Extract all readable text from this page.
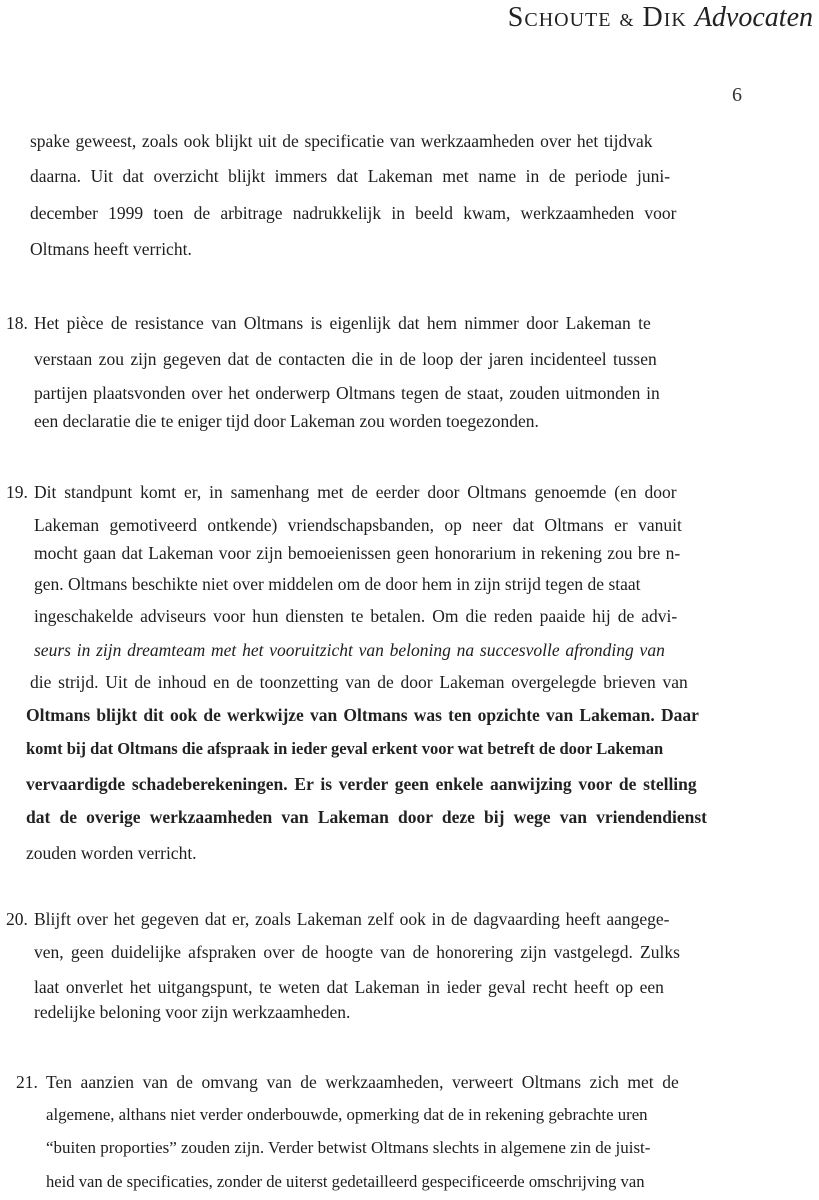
Schoute & Dik Advocaten
6
spake geweest, zoals ook blijkt uit de specificatie van werkzaamheden over het tijdvak
daarna. Uit dat overzicht blijkt immers dat Lakeman met name in de periode juni-
december 1999 toen de arbitrage nadrukkelijk in beeld kwam, werkzaamheden voor
Oltmans heeft verricht.
18. Het pièce de resistance van Oltmans is eigenlijk dat hem nimmer door Lakeman te
verstaan zou zijn gegeven dat de contacten die in de loop der jaren incidenteel tussen
partijen plaatsvonden over het onderwerp Oltmans tegen de staat, zouden uitmonden in
een declaratie die te eniger tijd door Lakeman zou worden toegezonden.
19. Dit standpunt komt er, in samenhang met de eerder door Oltmans genoemde (en door
Lakeman gemotiveerd ontkende) vriendschapsbanden, op neer dat Oltmans er vanuit
mocht gaan dat Lakeman voor zijn bemoeienissen geen honorarium in rekening zou bre n-
gen. Oltmans beschikte niet over middelen om de door hem in zijn strijd tegen de staat
ingeschakelde adviseurs voor hun diensten te betalen. Om die reden paaide hij de advi-
seurs in zijn dreamteam met het vooruitzicht van beloning na succesvolle afronding van
die strijd. Uit de inhoud en de toonzetting van de door Lakeman overgelegde brieven van
Oltmans blijkt dit ook de werkwijze van Oltmans was ten opzichte van Lakeman. Daar
komt bij dat Oltmans die afspraak in ieder geval erkent voor wat betreft de door Lakeman
vervaardigde schadeberekeningen. Er is verder geen enkele aanwijzing voor de stelling
dat de overige werkzaamheden van Lakeman door deze bij wege van vriendendienst
zouden worden verricht.
20. Blijft over het gegeven dat er, zoals Lakeman zelf ook in de dagvaarding heeft aangege-
ven, geen duidelijke afspraken over de hoogte van de honorering zijn vastgelegd. Zulks
laat onverlet het uitgangspunt, te weten dat Lakeman in ieder geval recht heeft op een
redelijke beloning voor zijn werkzaamheden.
21. Ten aanzien van de omvang van de werkzaamheden, verweert Oltmans zich met de
algemene, althans niet verder onderbouwde, opmerking dat de in rekening gebrachte uren
“buiten proporties” zouden zijn. Verder betwist Oltmans slechts in algemene zin de juist-
heid van de specificaties, zonder de uiterst gedetailleerd gespecificeerde omschrijving van
